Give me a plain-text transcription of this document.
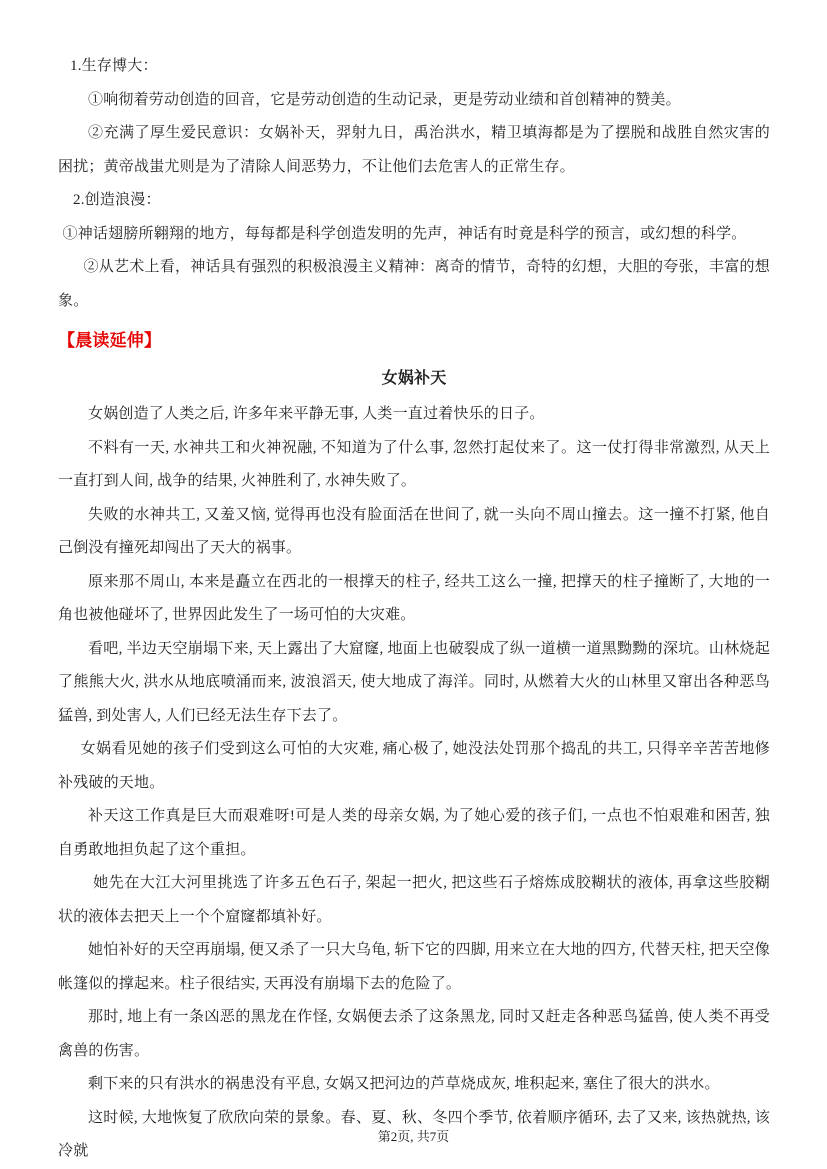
1.生存博大：

①响彻着劳动创造的回音，它是劳动创造的生动记录，更是劳动业绩和首创精神的赞美。

②充满了厚生爱民意识：女娲补天，羿射九日，禹治洪水，精卫填海都是为了摆脱和战胜自然灾害的困扰；黄帝战蚩尤则是为了清除人间恶势力，不让他们去危害人的正常生存。

2.创造浪漫：

①神话翅膀所翱翔的地方，每每都是科学创造发明的先声，神话有时竟是科学的预言，或幻想的科学。

②从艺术上看，神话具有强烈的积极浪漫主义精神：离奇的情节，奇特的幻想，大胆的夸张，丰富的想象。

【晨读延伸】

女娲补天

女娲创造了人类之后, 许多年来平静无事, 人类一直过着快乐的日子。

不料有一天, 水神共工和火神祝融, 不知道为了什么事, 忽然打起仗来了。这一仗打得非常激烈, 从天上一直打到人间, 战争的结果, 火神胜利了, 水神失败了。

失败的水神共工, 又羞又恼, 觉得再也没有脸面活在世间了, 就一头向不周山撞去。这一撞不打紧, 他自己倒没有撞死却闯出了天大的祸事。

原来那不周山, 本来是矗立在西北的一根撑天的柱子, 经共工这么一撞, 把撑天的柱子撞断了, 大地的一角也被他碰坏了, 世界因此发生了一场可怕的大灾难。

看吧, 半边天空崩塌下来, 天上露出了大窟窿, 地面上也破裂成了纵一道横一道黑黝黝的深坑。山林烧起了熊熊大火, 洪水从地底喷涌而来, 波浪滔天, 使大地成了海洋。同时, 从燃着大火的山林里又窜出各种恶鸟猛兽, 到处害人, 人们已经无法生存下去了。

女娲看见她的孩子们受到这么可怕的大灾难, 痛心极了, 她没法处罚那个捣乱的共工, 只得辛辛苦苦地修补残破的天地。

补天这工作真是巨大而艰难呀!可是人类的母亲女娲, 为了她心爱的孩子们, 一点也不怕艰难和困苦, 独自勇敢地担负起了这个重担。

她先在大江大河里挑选了许多五色石子, 架起一把火, 把这些石子熔炼成胶糊状的液体, 再拿这些胶糊状的液体去把天上一个个窟窿都填补好。

她怕补好的天空再崩塌, 便又杀了一只大乌龟, 斩下它的四脚, 用来立在大地的四方, 代替天柱, 把天空像帐篷似的撑起来。柱子很结实, 天再没有崩塌下去的危险了。

那时, 地上有一条凶恶的黑龙在作怪, 女娲便去杀了这条黑龙, 同时又赶走各种恶鸟猛兽, 使人类不再受禽兽的伤害。

剩下来的只有洪水的祸患没有平息, 女娲又把河边的芦草烧成灰, 堆积起来, 塞住了很大的洪水。

这时候, 大地恢复了欣欣向荣的景象。春、夏、秋、冬四个季节, 依着顺序循环, 去了又来, 该热就热, 该冷就

第2页, 共7页
